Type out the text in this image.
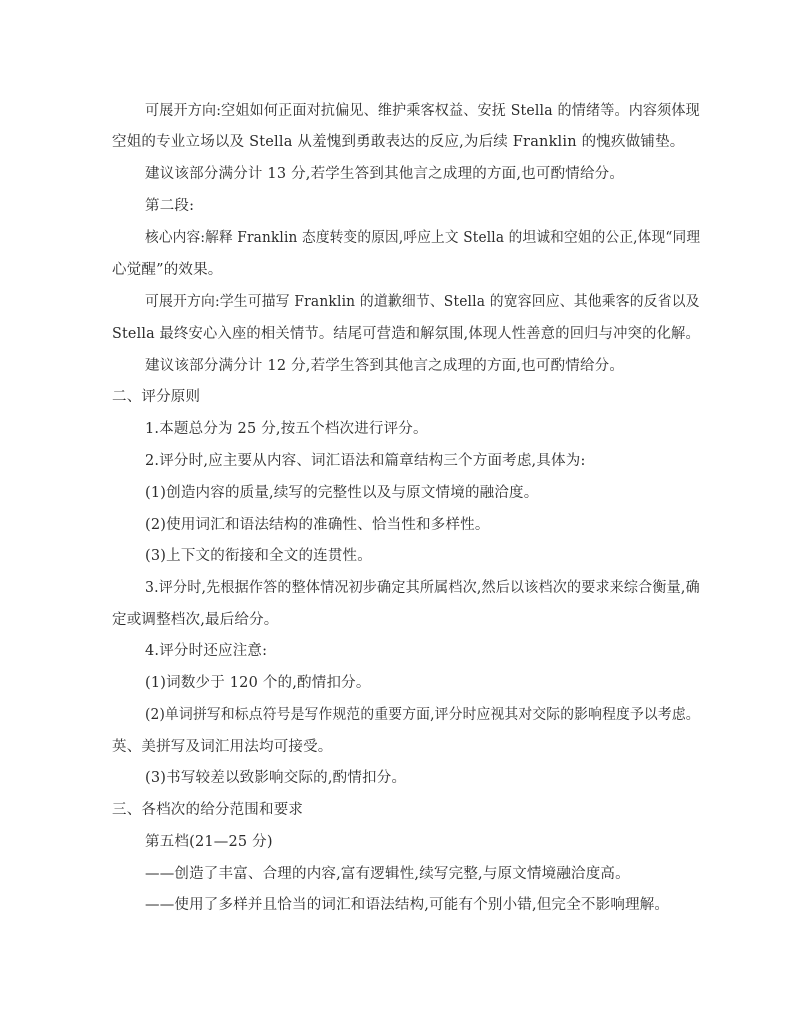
可展开方向:空姐如何正面对抗偏见、维护乘客权益、安抚 Stella 的情绪等。内容须体现
空姐的专业立场以及 Stella 从羞愧到勇敢表达的反应,为后续 Franklin 的愧疚做铺垫。
建议该部分满分计 13 分,若学生答到其他言之成理的方面,也可酌情给分。
第二段:
核心内容:解释 Franklin 态度转变的原因,呼应上文 Stella 的坦诚和空姐的公正,体现“同理
心觉醒”的效果。
可展开方向:学生可描写 Franklin 的道歉细节、Stella 的宽容回应、其他乘客的反省以及
Stella 最终安心入座的相关情节。结尾可营造和解氛围,体现人性善意的回归与冲突的化解。
建议该部分满分计 12 分,若学生答到其他言之成理的方面,也可酌情给分。
二、评分原则
1.本题总分为 25 分,按五个档次进行评分。
2.评分时,应主要从内容、词汇语法和篇章结构三个方面考虑,具体为:
(1)创造内容的质量,续写的完整性以及与原文情境的融洽度。
(2)使用词汇和语法结构的准确性、恰当性和多样性。
(3)上下文的衔接和全文的连贯性。
3.评分时,先根据作答的整体情况初步确定其所属档次,然后以该档次的要求来综合衡量,确
定或调整档次,最后给分。
4.评分时还应注意:
(1)词数少于 120 个的,酌情扣分。
(2)单词拼写和标点符号是写作规范的重要方面,评分时应视其对交际的影响程度予以考虑。
英、美拼写及词汇用法均可接受。
(3)书写较差以致影响交际的,酌情扣分。
三、各档次的给分范围和要求
第五档(21—25 分)
——创造了丰富、合理的内容,富有逻辑性,续写完整,与原文情境融洽度高。
——使用了多样并且恰当的词汇和语法结构,可能有个别小错,但完全不影响理解。
